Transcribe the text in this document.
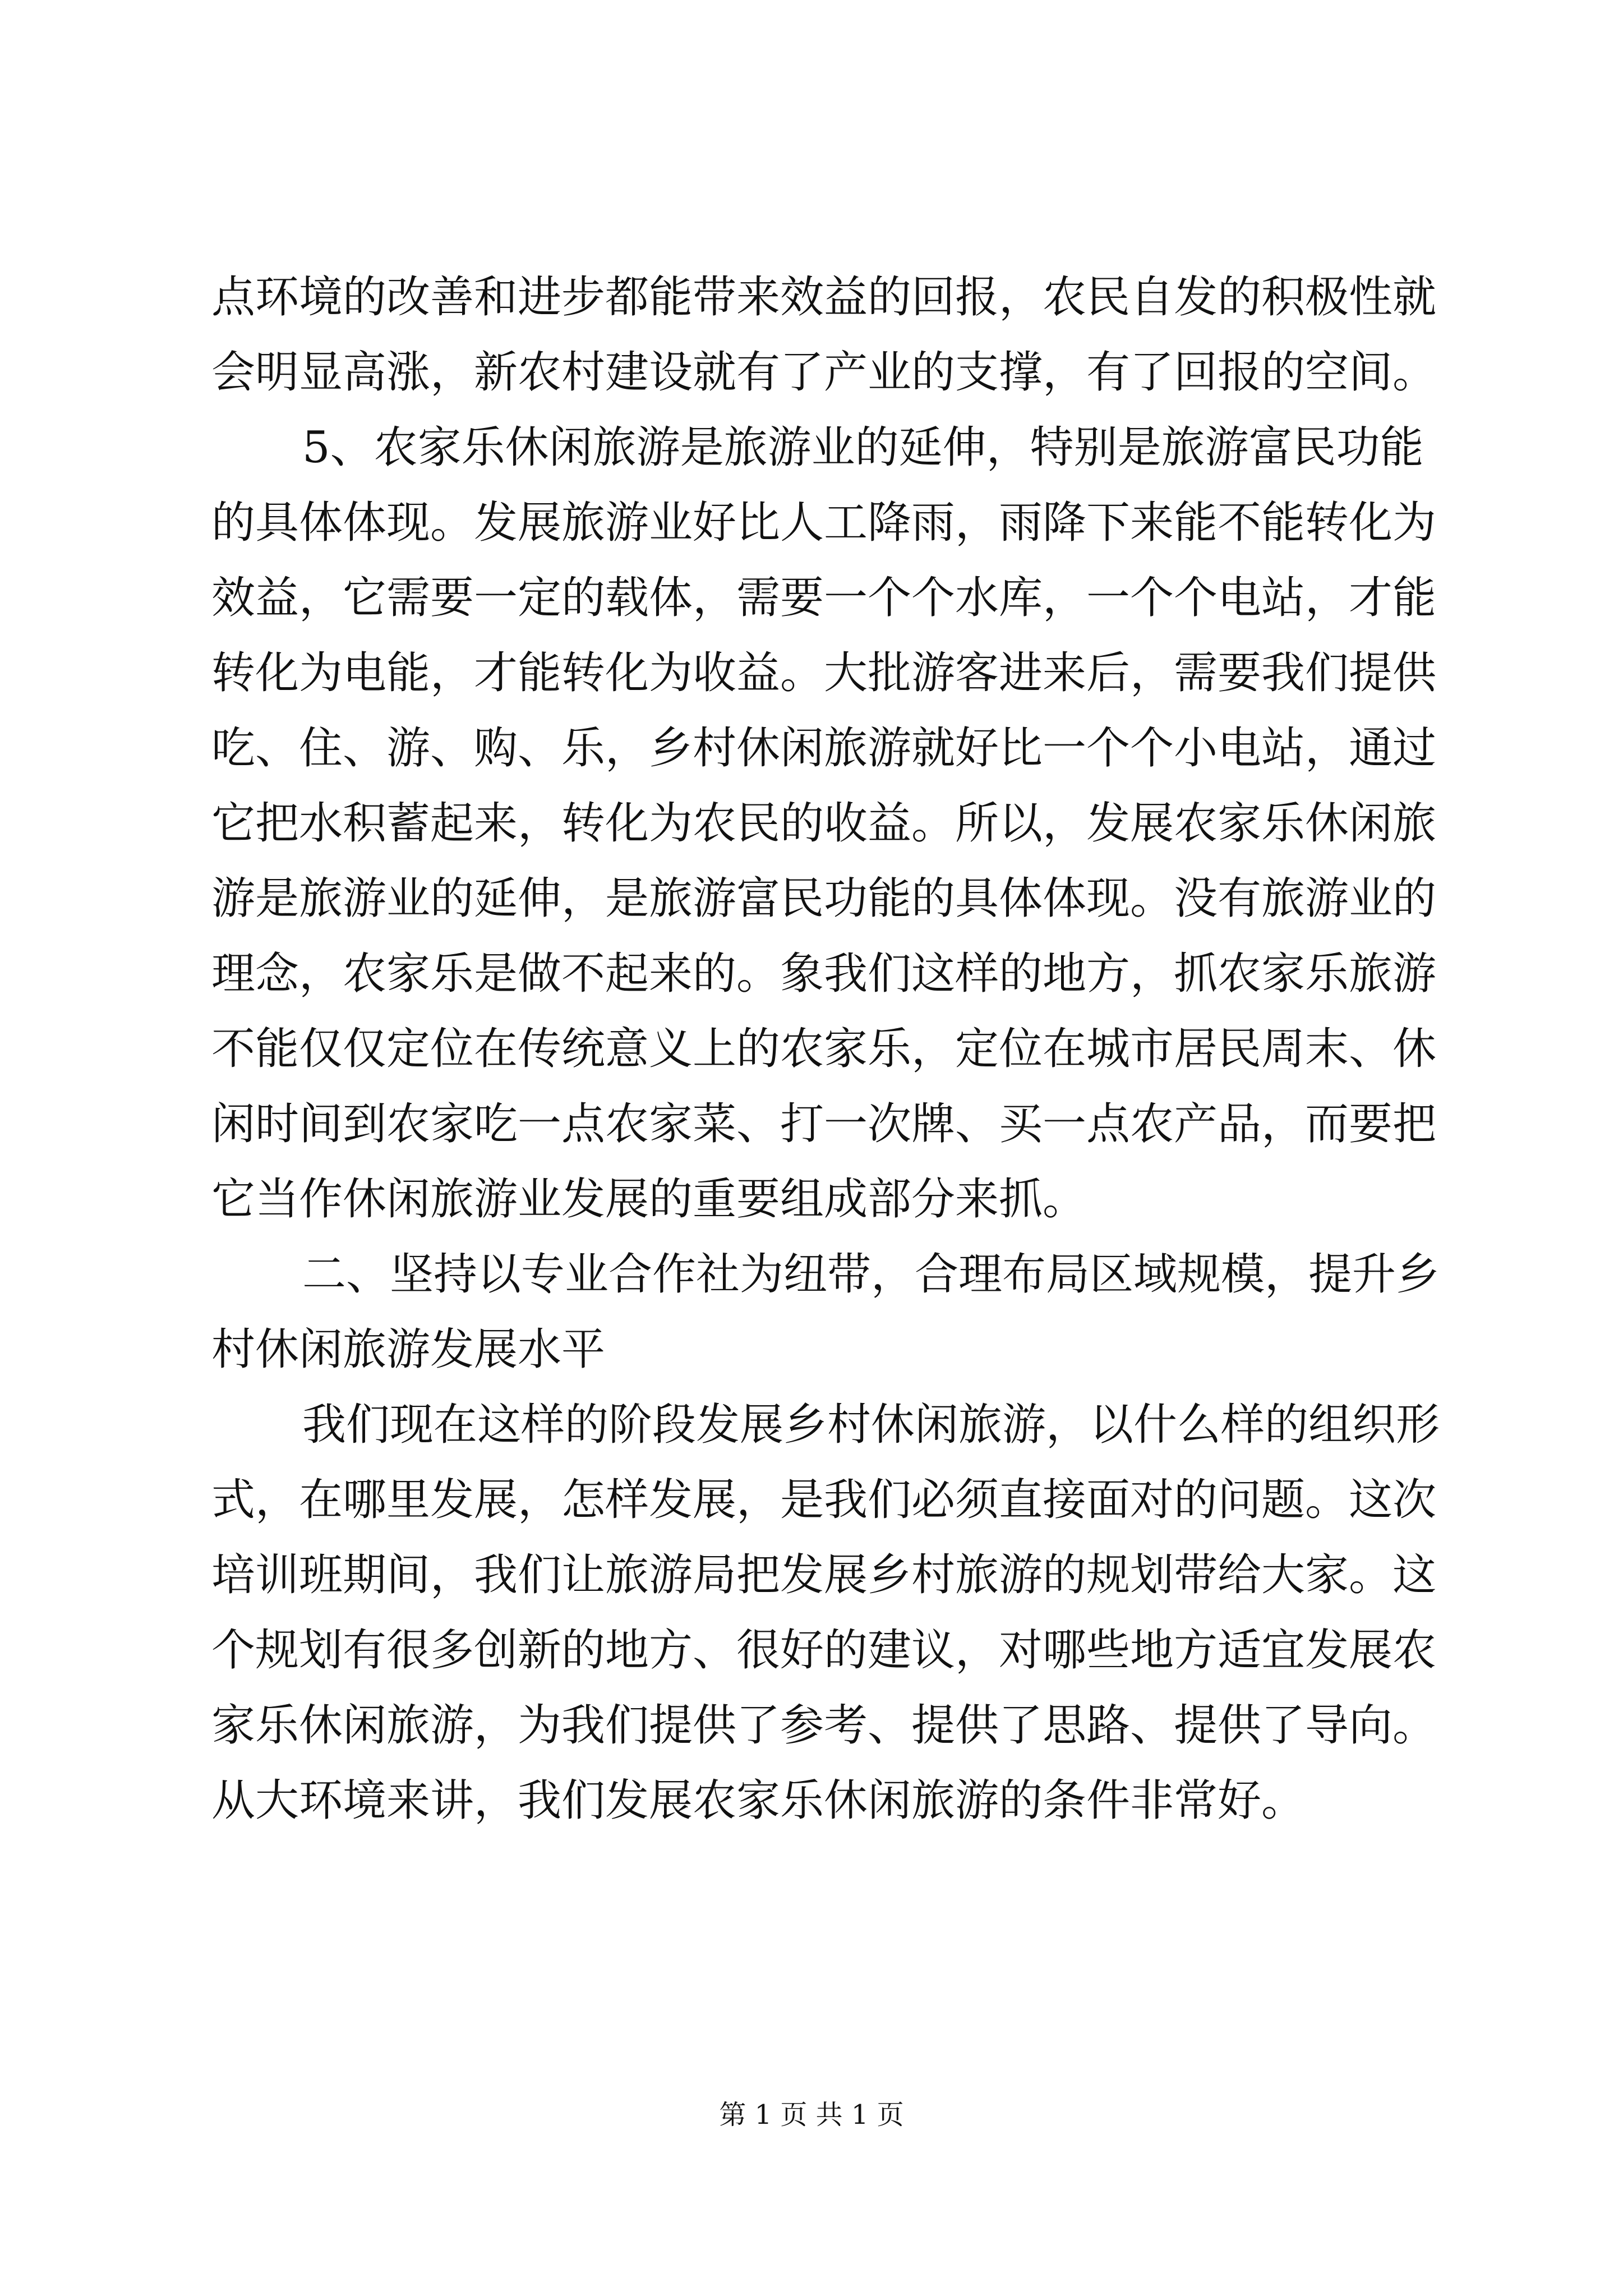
点环境的改善和进步都能带来效益的回报，农民自发的积极性就
会明显高涨，新农村建设就有了产业的支撑，有了回报的空间。
5、农家乐休闲旅游是旅游业的延伸，特别是旅游富民功能
的具体体现。发展旅游业好比人工降雨，雨降下来能不能转化为
效益，它需要一定的载体，需要一个个水库，一个个电站，才能
转化为电能，才能转化为收益。大批游客进来后，需要我们提供
吃、住、游、购、乐，乡村休闲旅游就好比一个个小电站，通过
它把水积蓄起来，转化为农民的收益。所以，发展农家乐休闲旅
游是旅游业的延伸，是旅游富民功能的具体体现。没有旅游业的
理念，农家乐是做不起来的。象我们这样的地方，抓农家乐旅游
不能仅仅定位在传统意义上的农家乐，定位在城市居民周末、休
闲时间到农家吃一点农家菜、打一次牌、买一点农产品，而要把
它当作休闲旅游业发展的重要组成部分来抓。
二、坚持以专业合作社为纽带，合理布局区域规模，提升乡
村休闲旅游发展水平
我们现在这样的阶段发展乡村休闲旅游，以什么样的组织形
式，在哪里发展，怎样发展，是我们必须直接面对的问题。这次
培训班期间，我们让旅游局把发展乡村旅游的规划带给大家。这
个规划有很多创新的地方、很好的建议，对哪些地方适宜发展农
家乐休闲旅游，为我们提供了参考、提供了思路、提供了导向。
从大环境来讲，我们发展农家乐休闲旅游的条件非常好。
第 1 页 共 1 页
